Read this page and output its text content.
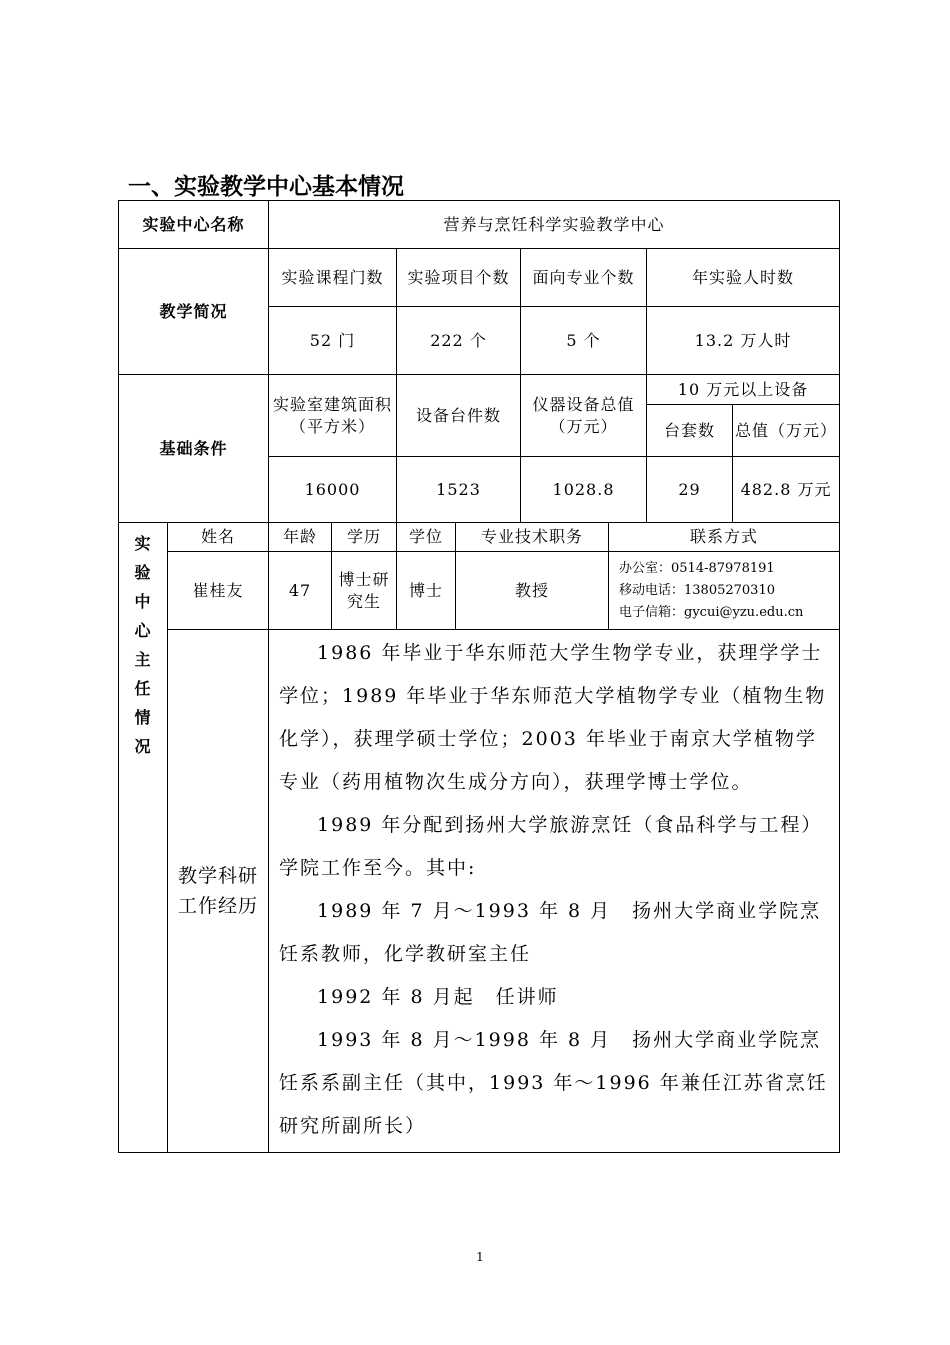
一、实验教学中心基本情况
实验中心名称		营养与烹饪科学实验教学中心							
教学简况		实验课程门数		实验项目个数		面向专业个数		年实验人时数	
		52 门		222 个		5 个		13.2 万人时	
基础条件		实验室建筑面积（平方米）		设备台件数		仪器设备总值（万元）		10 万元以上设备	
								台套数	总值（万元）
		16000		1523		1028.8		29	482.8 万元

实验中心主任情况	姓名	年龄	学历	学位	专业技术职务		联系方式		
	崔桂友	47	博士研究生	博士	教授		办公室：0514-87978191
移动电话：13805270310
电子信箱：gycui@yzu.edu.cn		

	教学科研工作经历	1986 年毕业于华东师范大学生物学专业，获理学学士学位；1989 年毕业于华东师范大学植物学专业（植物生物化学），获理学硕士学位；2003 年毕业于南京大学植物学专业（药用植物次生成分方向），获理学博士学位。

1989 年分配到扬州大学旅游烹饪（食品科学与工程）学院工作至今。其中:

1989 年 7 月～1993 年 8 月　扬州大学商业学院烹饪系教师，化学教研室主任

1992 年 8 月起　任讲师

1993 年 8 月～1998 年 8 月　扬州大学商业学院烹饪系系副主任（其中，1993 年～1996 年兼任江苏省烹饪研究所副所长）							

1
